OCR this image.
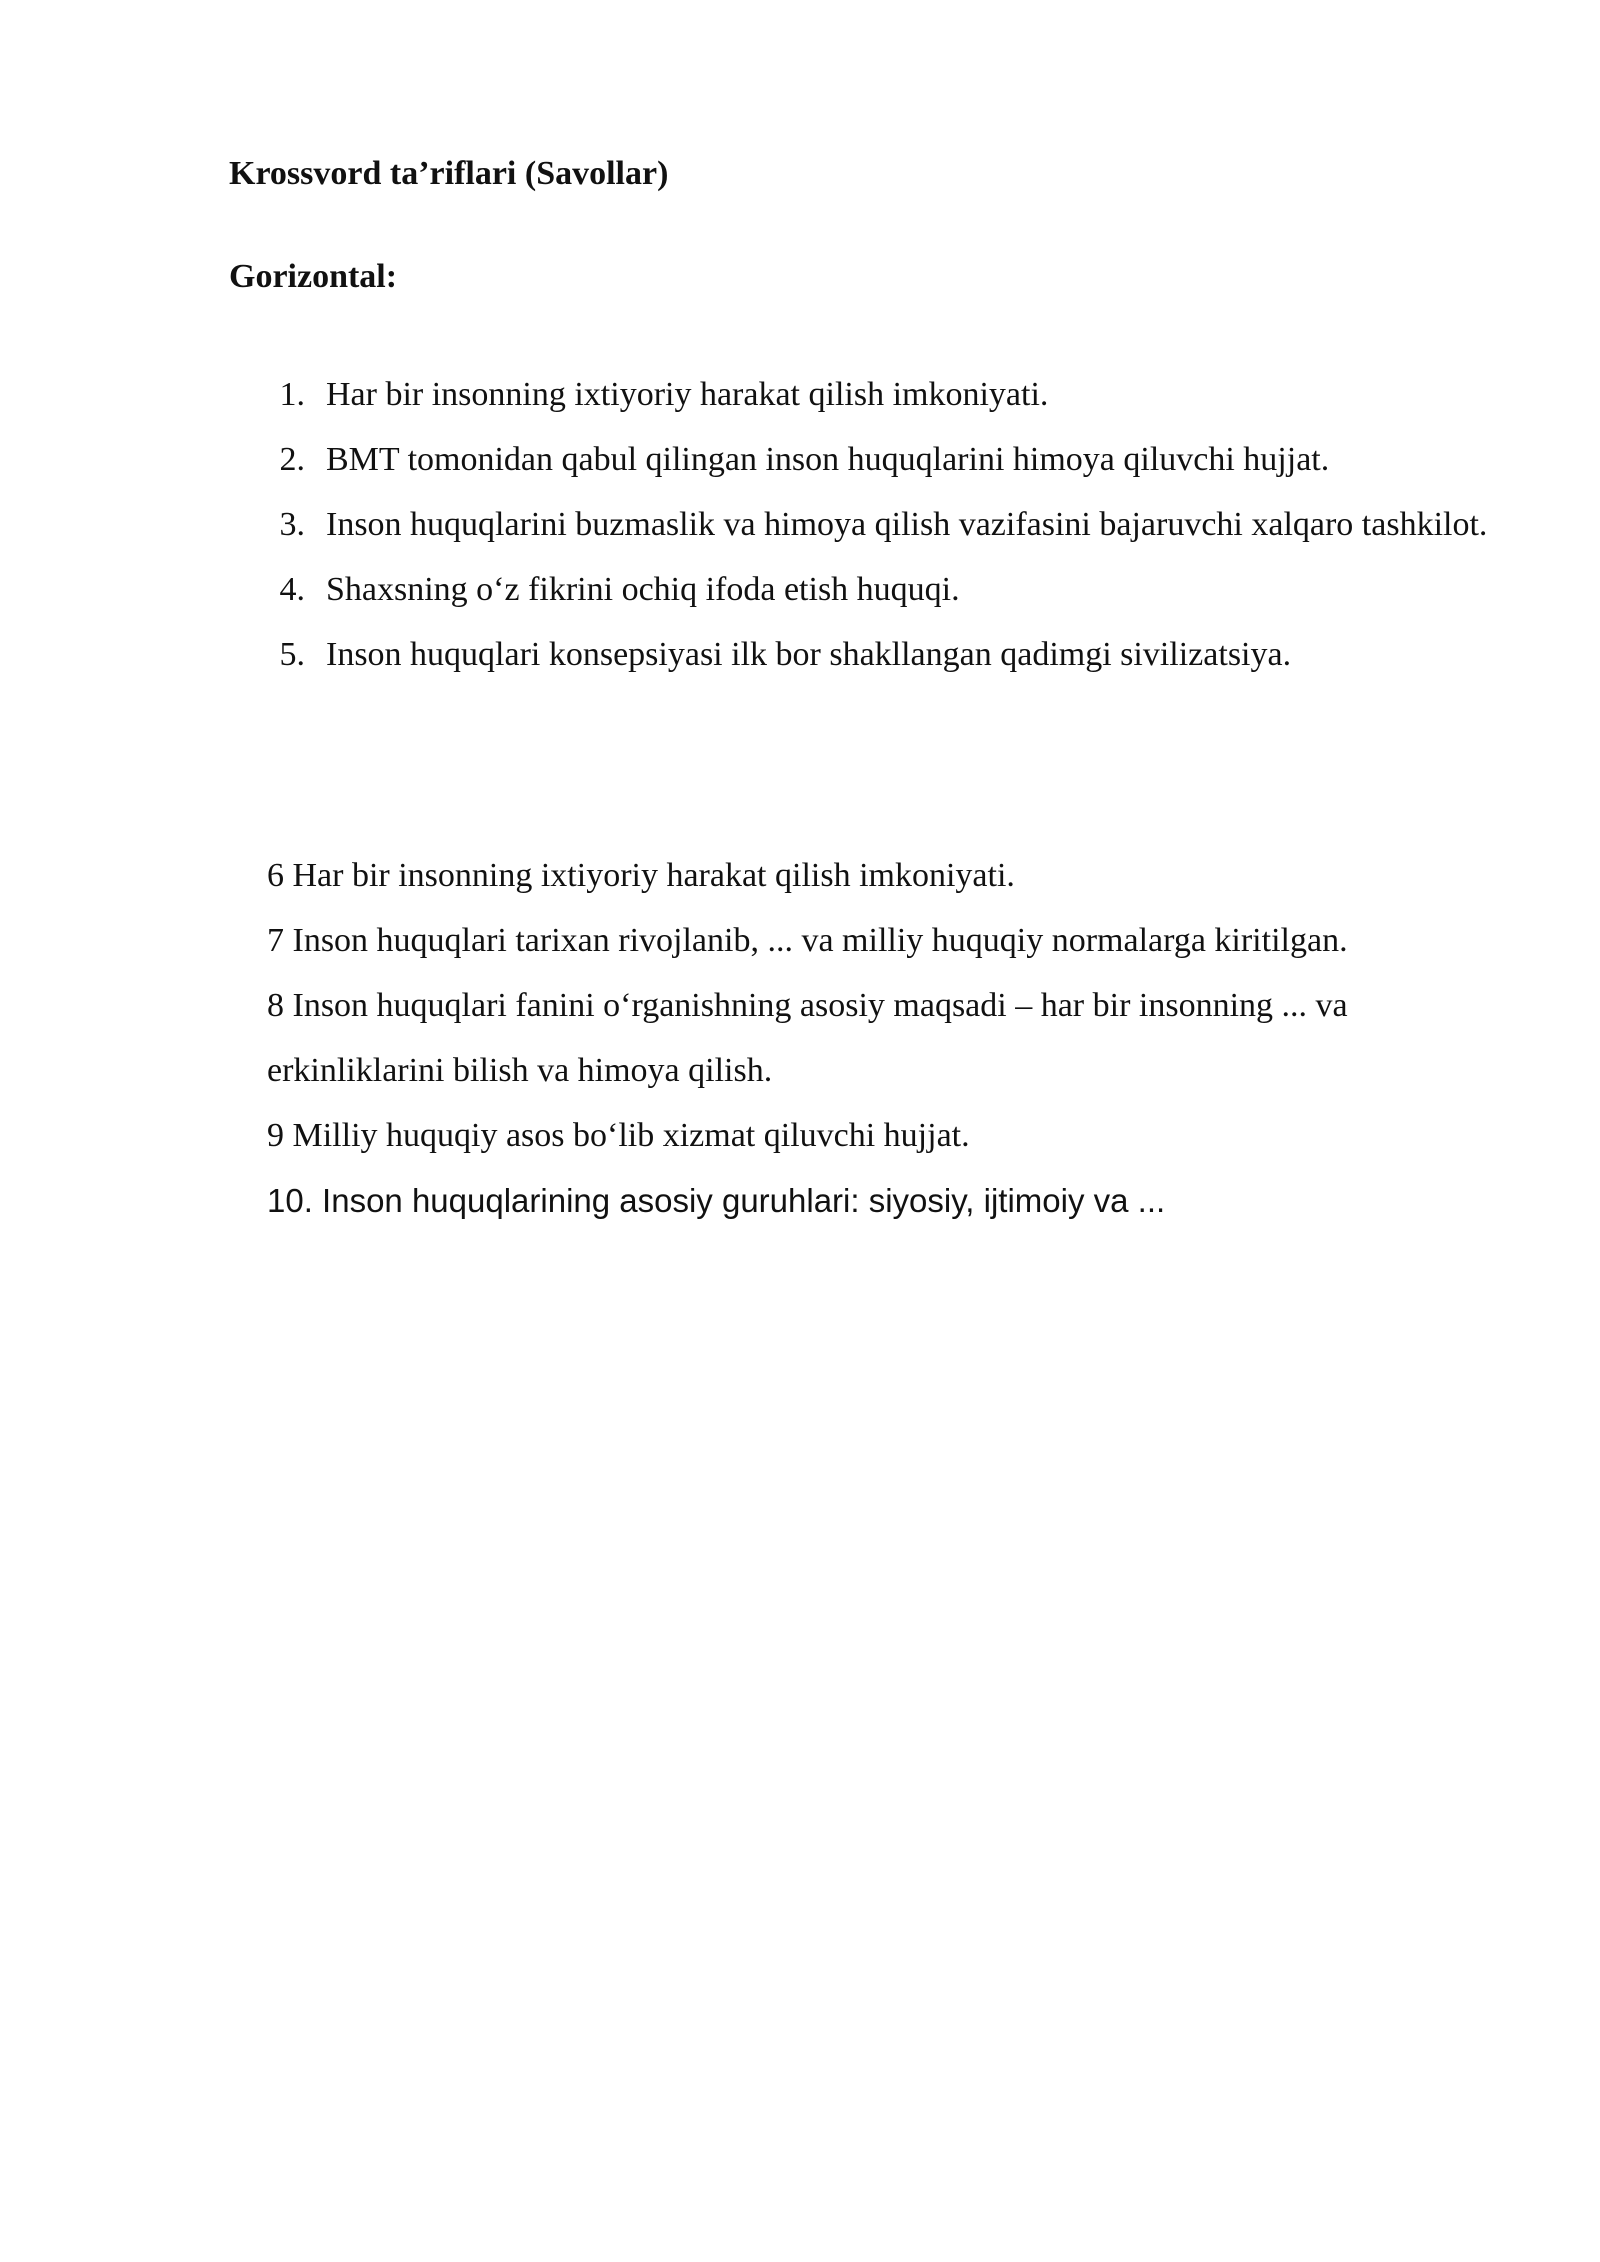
Krossvord ta’riflari (Savollar)
Gorizontal:
1. Har bir insonning ixtiyoriy harakat qilish imkoniyati.
2. BMT tomonidan qabul qilingan inson huquqlarini himoya qiluvchi hujjat.
3. Inson huquqlarini buzmaslik va himoya qilish vazifasini bajaruvchi xalqaro tashkilot.
4. Shaxsning o‘z fikrini ochiq ifoda etish huquqi.
5. Inson huquqlari konsepsiyasi ilk bor shakllangan qadimgi sivilizatsiya.

6 Har bir insonning ixtiyoriy harakat qilish imkoniyati.

7 Inson huquqlari tarixan rivojlanib, ... va milliy huquqiy normalarga kiritilgan.

8 Inson huquqlari fanini o‘rganishning asosiy maqsadi – har bir insonning ... va erkinliklarini bilish va himoya qilish.

9 Milliy huquqiy asos bo‘lib xizmat qiluvchi hujjat.

10. Inson huquqlarining asosiy guruhlari: siyosiy, ijtimoiy va ...
